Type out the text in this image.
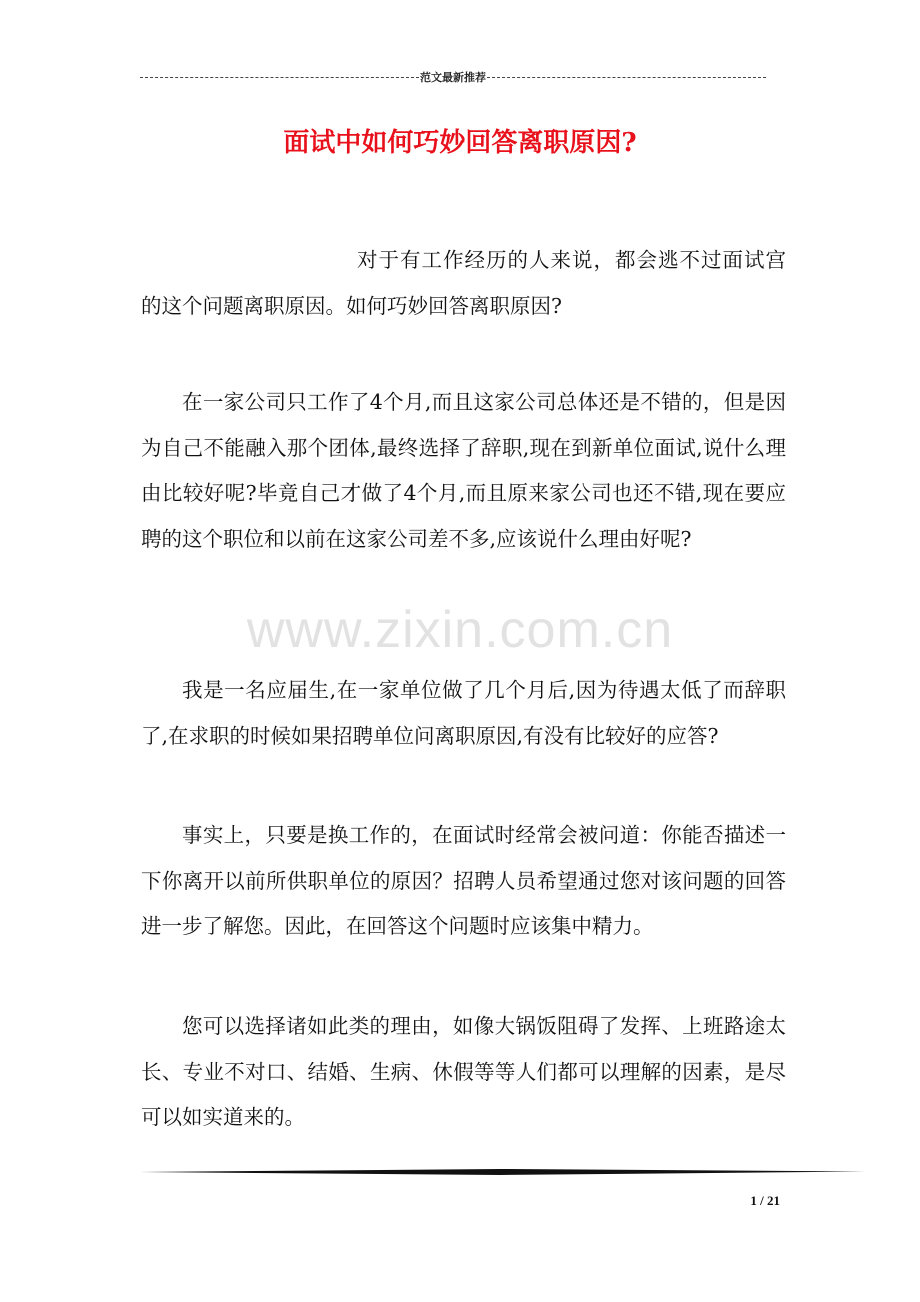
范文最新推荐
面试中如何巧妙回答离职原因?
对于有工作经历的人来说，都会逃不过面试宫的这个问题离职原因。如何巧妙回答离职原因?
在一家公司只工作了4个月,而且这家公司总体还是不错的，但是因为自己不能融入那个团体,最终选择了辞职,现在到新单位面试,说什么理由比较好呢?毕竟自己才做了4个月,而且原来家公司也还不错,现在要应聘的这个职位和以前在这家公司差不多,应该说什么理由好呢?
www.zixin.com.cn
我是一名应届生,在一家单位做了几个月后,因为待遇太低了而辞职了,在求职的时候如果招聘单位问离职原因,有没有比较好的应答?
事实上，只要是换工作的，在面试时经常会被问道：你能否描述一下你离开以前所供职单位的原因？招聘人员希望通过您对该问题的回答进一步了解您。因此，在回答这个问题时应该集中精力。
您可以选择诸如此类的理由，如像大锅饭阻碍了发挥、上班路途太长、专业不对口、结婚、生病、休假等等人们都可以理解的因素，是尽可以如实道来的。
1 / 21
